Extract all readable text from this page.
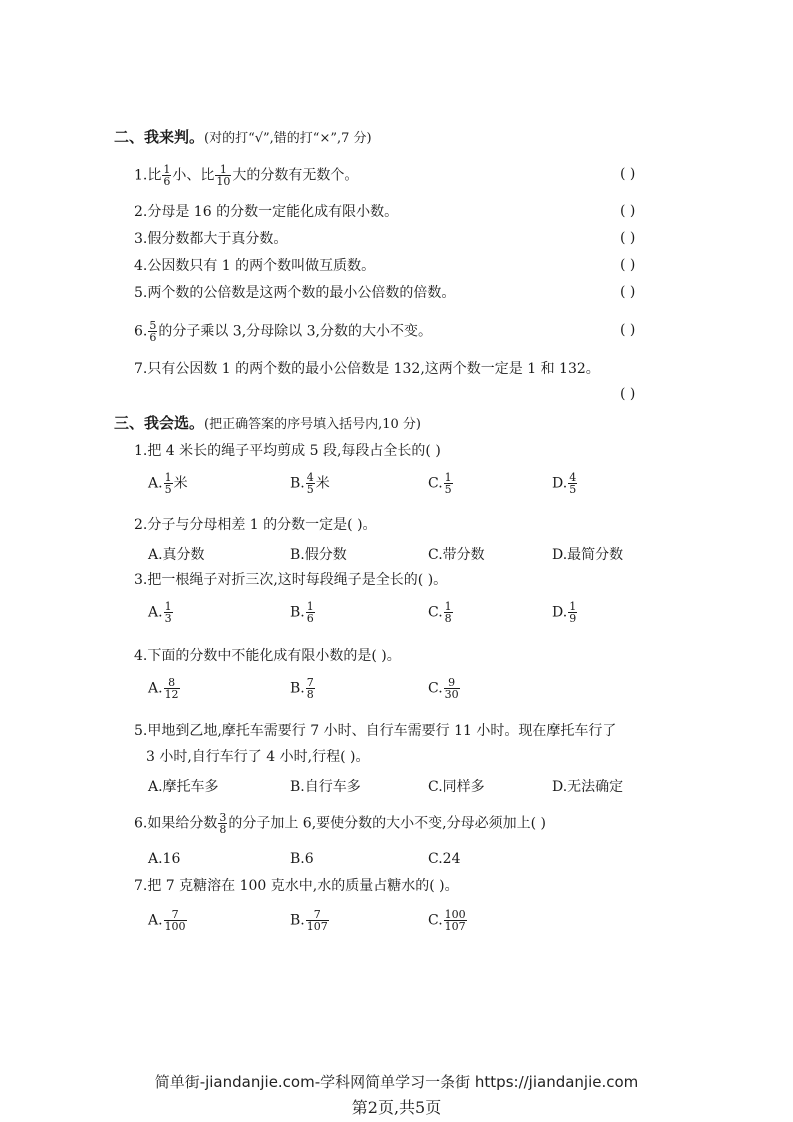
二、我来判。(对的打“√”,错的打“×”,7 分)
1.比 $\frac{1}{6}$ 小、比 $\frac{1}{10}$ 大的分数有无数个。	( )
2.分母是 16 的分数一定能化成有限小数。	( )
3.假分数都大于真分数。	( )
4.公因数只有 1 的两个数叫做互质数。	( )
5.两个数的公倍数是这两个数的最小公倍数的倍数。	( )
6. $\frac{5}{6}$ 的分子乘以 3,分母除以 3,分数的大小不变。	( )
7.只有公因数 1 的两个数的最小公倍数是 132,这两个数一定是 1 和 132。
( )
三、我会选。(把正确答案的序号填入括号内,10 分)
1.把 4 米长的绳子平均剪成 5 段,每段占全长的( )
A. $\frac{1}{5}$ 米	B. $\frac{4}{5}$ 米	C. $\frac{1}{5}$	D. $\frac{4}{5}$
2.分子与分母相差 1 的分数一定是( )。
A.真分数	B.假分数	C.带分数	D.最简分数
3.把一根绳子对折三次,这时每段绳子是全长的( )。
A. $\frac{1}{3}$	B. $\frac{1}{6}$	C. $\frac{1}{8}$	D. $\frac{1}{9}$
4.下面的分数中不能化成有限小数的是( )。
A. $\frac{8}{12}$	B. $\frac{7}{8}$	C. $\frac{9}{30}$
5.甲地到乙地,摩托车需要行 7 小时、自行车需要行 11 小时。现在摩托车行了
3 小时,自行车行了 4 小时,行程( )。
A.摩托车多	B.自行车多	C.同样多	D.无法确定
6.如果给分数 $\frac{3}{8}$ 的分子加上 6,要使分数的大小不变,分母必须加上( )
A.16	B.6	C.24
7.把 7 克糖溶在 100 克水中,水的质量占糖水的( )。
A. $\frac{7}{100}$	B. $\frac{7}{107}$	C. $\frac{100}{107}$
简单街-jiandanjie.com-学科网简单学习一条街 https://jiandanjie.com
第2页,共5页
